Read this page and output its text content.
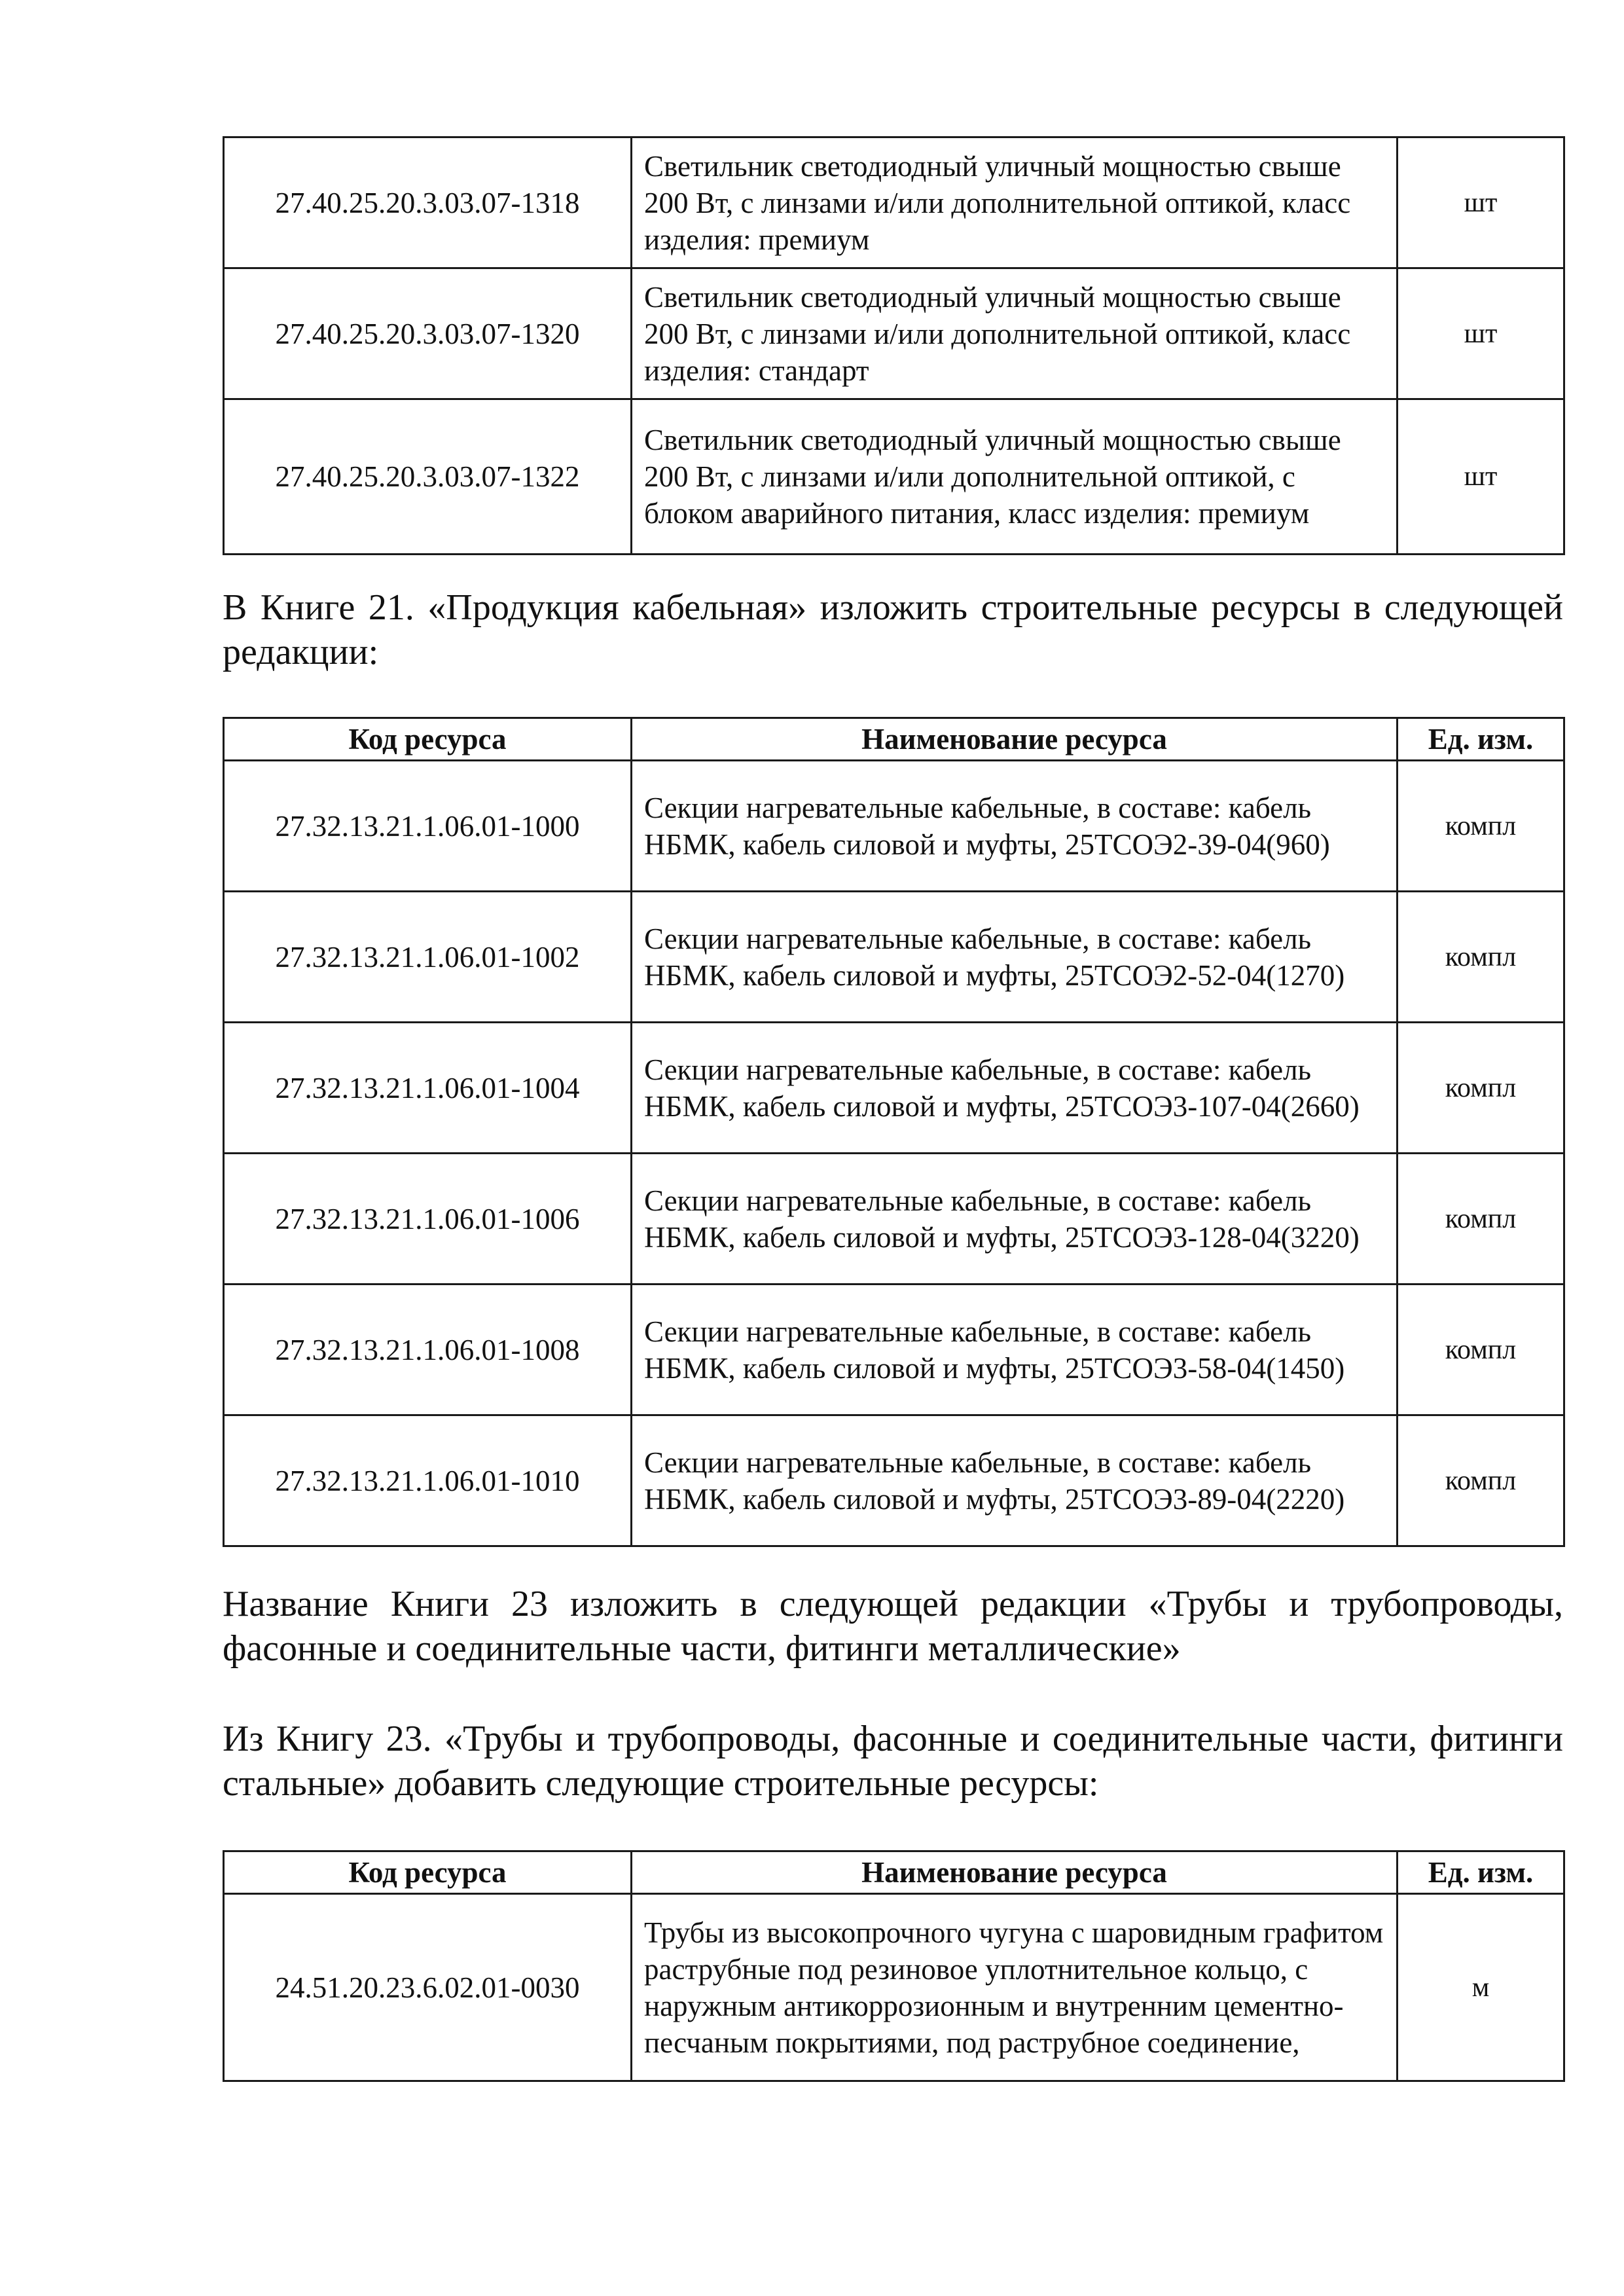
27.40.25.20.3.03.07-1318	Светильник светодиодный уличный мощностью свыше 200 Вт, с линзами и/или дополнительной оптикой, класс изделия: премиум	шт
27.40.25.20.3.03.07-1320	Светильник светодиодный уличный мощностью свыше 200 Вт, с линзами и/или дополнительной оптикой, класс изделия: стандарт	шт
27.40.25.20.3.03.07-1322	Светильник светодиодный уличный мощностью свыше 200 Вт, с линзами и/или дополнительной оптикой, с блоком аварийного питания, класс изделия: премиум	шт

В Книге 21. «Продукция кабельная» изложить строительные ресурсы в следующей редакции:

Код ресурса	Наименование ресурса	Ед. изм.
27.32.13.21.1.06.01-1000	Секции нагревательные кабельные, в составе: кабель НБМК, кабель силовой и муфты, 25ТСОЭ2-39-04(960)	компл
27.32.13.21.1.06.01-1002	Секции нагревательные кабельные, в составе: кабель НБМК, кабель силовой и муфты, 25ТСОЭ2-52-04(1270)	компл
27.32.13.21.1.06.01-1004	Секции нагревательные кабельные, в составе: кабель НБМК, кабель силовой и муфты, 25ТСОЭ3-107-04(2660)	компл
27.32.13.21.1.06.01-1006	Секции нагревательные кабельные, в составе: кабель НБМК, кабель силовой и муфты, 25ТСОЭ3-128-04(3220)	компл
27.32.13.21.1.06.01-1008	Секции нагревательные кабельные, в составе: кабель НБМК, кабель силовой и муфты, 25ТСОЭ3-58-04(1450)	компл
27.32.13.21.1.06.01-1010	Секции нагревательные кабельные, в составе: кабель НБМК, кабель силовой и муфты, 25ТСОЭ3-89-04(2220)	компл

Название Книги 23 изложить в следующей редакции «Трубы и трубопроводы, фасонные и соединительные части, фитинги металлические»

Из Книгу 23. «Трубы и трубопроводы, фасонные и соединительные части, фитинги стальные» добавить следующие строительные ресурсы:

Код ресурса	Наименование ресурса	Ед. изм.
24.51.20.23.6.02.01-0030	Трубы из высокопрочного чугуна с шаровидным графитом раструбные под резиновое уплотнительное кольцо, с наружным антикоррозионным и внутренним цементно-песчаным покрытиями, под раструбное соединение,	м
